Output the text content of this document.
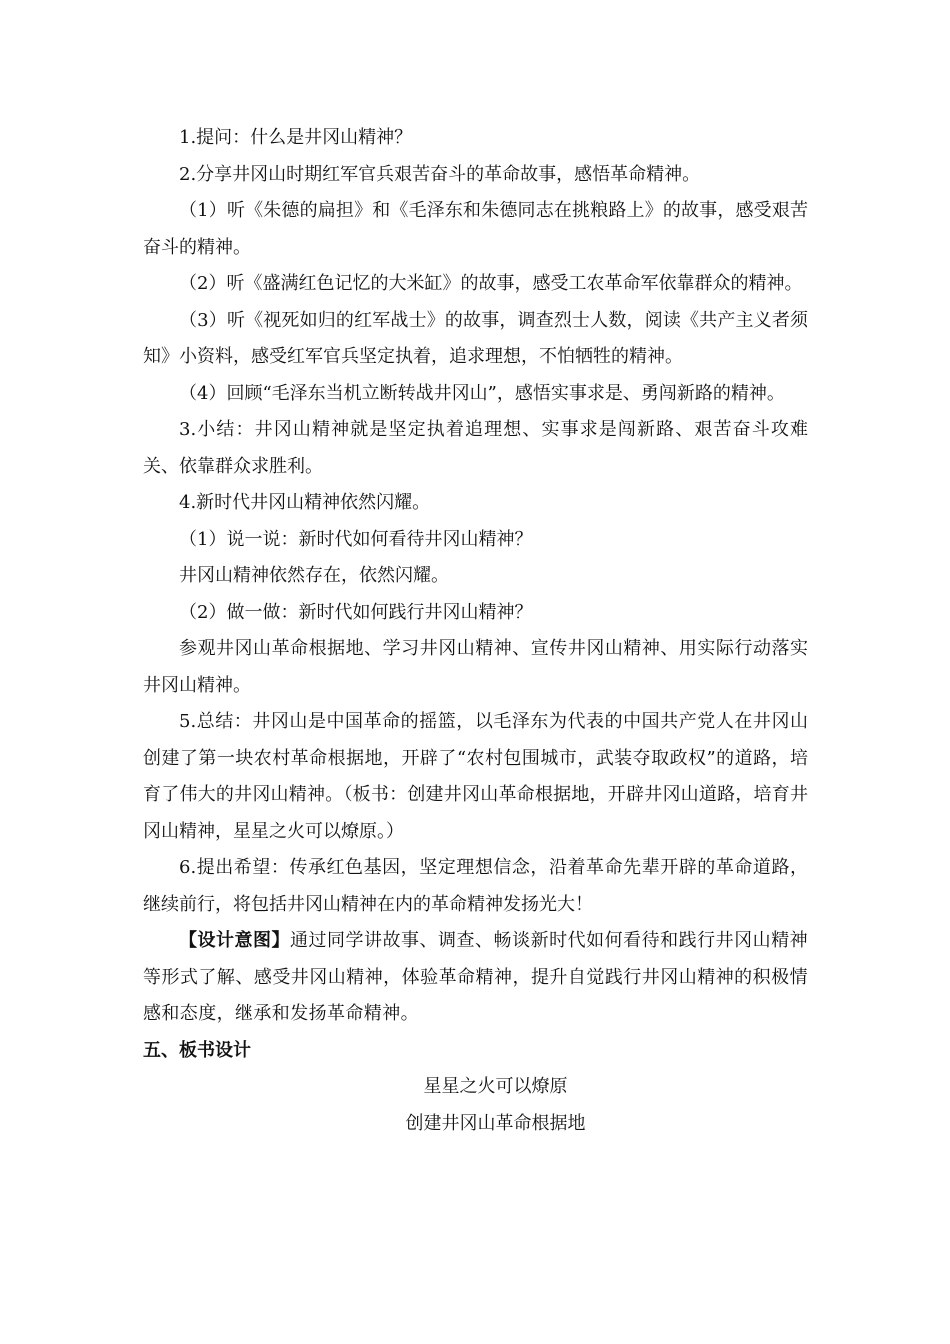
1.提问：什么是井冈山精神？

2.分享井冈山时期红军官兵艰苦奋斗的革命故事，感悟革命精神。

（1）听《朱德的扁担》和《毛泽东和朱德同志在挑粮路上》的故事，感受艰苦奋斗的精神。

（2）听《盛满红色记忆的大米缸》的故事，感受工农革命军依靠群众的精神。

（3）听《视死如归的红军战士》的故事，调查烈士人数，阅读《共产主义者须知》小资料，感受红军官兵坚定执着，追求理想，不怕牺牲的精神。

（4）回顾“毛泽东当机立断转战井冈山”，感悟实事求是、勇闯新路的精神。

3.小结：井冈山精神就是坚定执着追理想、实事求是闯新路、艰苦奋斗攻难关、依靠群众求胜利。

4.新时代井冈山精神依然闪耀。

（1）说一说：新时代如何看待井冈山精神？

井冈山精神依然存在，依然闪耀。

（2）做一做：新时代如何践行井冈山精神？

参观井冈山革命根据地、学习井冈山精神、宣传井冈山精神、用实际行动落实井冈山精神。

5.总结：井冈山是中国革命的摇篮，以毛泽东为代表的中国共产党人在井冈山创建了第一块农村革命根据地，开辟了“农村包围城市，武装夺取政权”的道路，培育了伟大的井冈山精神。（板书：创建井冈山革命根据地，开辟井冈山道路，培育井冈山精神，星星之火可以燎原。）

6.提出希望：传承红色基因，坚定理想信念，沿着革命先辈开辟的革命道路，继续前行，将包括井冈山精神在内的革命精神发扬光大！

【设计意图】通过同学讲故事、调查、畅谈新时代如何看待和践行井冈山精神等形式了解、感受井冈山精神，体验革命精神，提升自觉践行井冈山精神的积极情感和态度，继承和发扬革命精神。

五、板书设计

星星之火可以燎原

创建井冈山革命根据地
